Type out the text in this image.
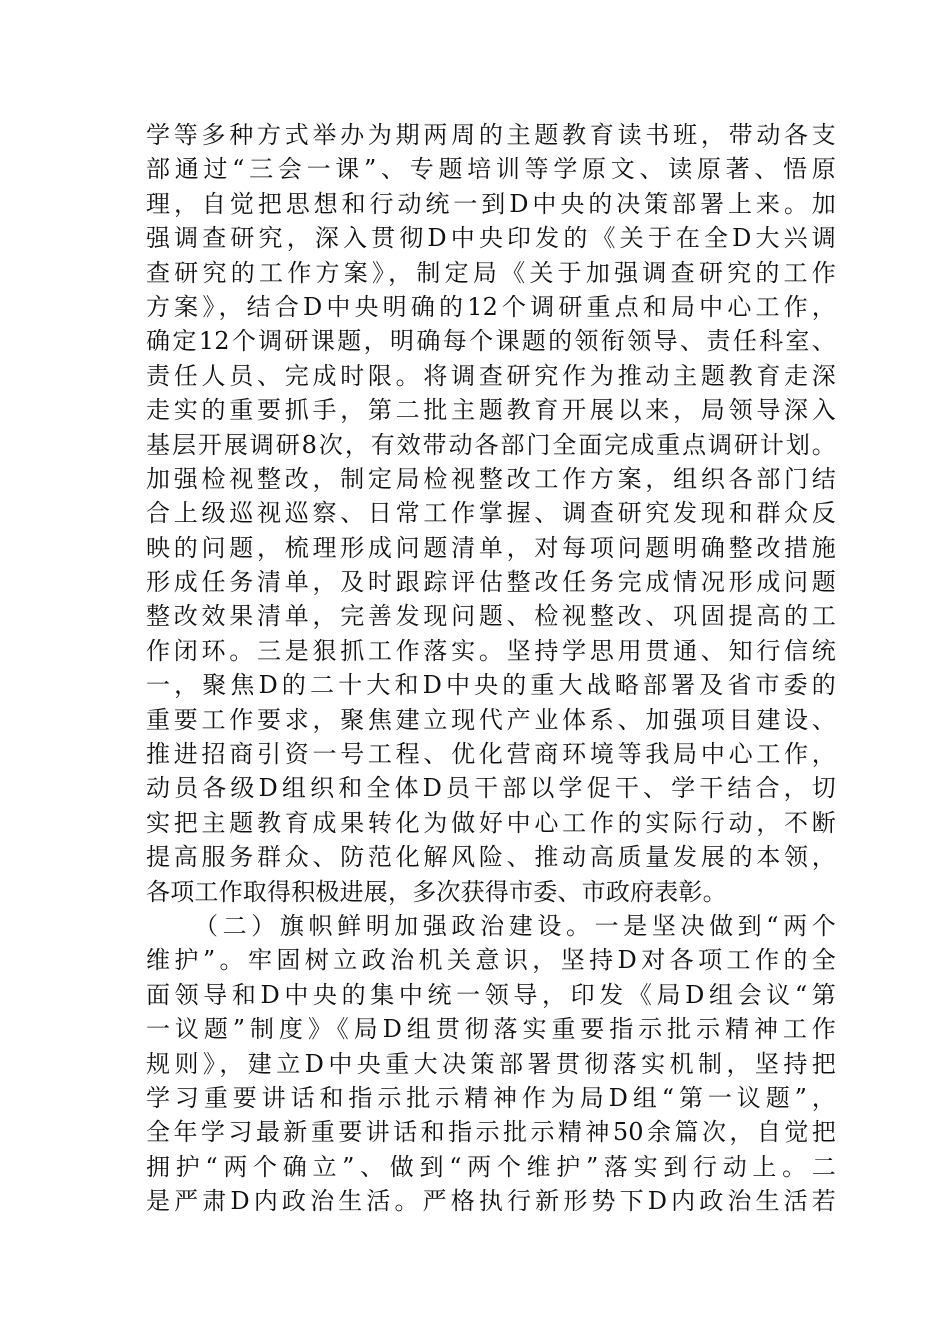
学等多种方式举办为期两周的主题教育读书班，带动各支
部通过“三会一课”、专题培训等学原文、读原著、悟原
理，自觉把思想和行动统一到D中央的决策部署上来。加
强调查研究，深入贯彻D中央印发的《关于在全D大兴调
查研究的工作方案》，制定局《关于加强调查研究的工作
方案》，结合D中央明确的12个调研重点和局中心工作，
确定12个调研课题，明确每个课题的领衔领导、责任科室、
责任人员、完成时限。将调查研究作为推动主题教育走深
走实的重要抓手，第二批主题教育开展以来，局领导深入
基层开展调研8次，有效带动各部门全面完成重点调研计划。
加强检视整改，制定局检视整改工作方案，组织各部门结
合上级巡视巡察、日常工作掌握、调查研究发现和群众反
映的问题，梳理形成问题清单，对每项问题明确整改措施
形成任务清单，及时跟踪评估整改任务完成情况形成问题
整改效果清单，完善发现问题、检视整改、巩固提高的工
作闭环。三是狠抓工作落实。坚持学思用贯通、知行信统
一，聚焦D的二十大和D中央的重大战略部署及省市委的
重要工作要求，聚焦建立现代产业体系、加强项目建设、
推进招商引资一号工程、优化营商环境等我局中心工作，
动员各级D组织和全体D员干部以学促干、学干结合，切
实把主题教育成果转化为做好中心工作的实际行动，不断
提高服务群众、防范化解风险、推动高质量发展的本领，
各项工作取得积极进展，多次获得市委、市政府表彰。
（二）旗帜鲜明加强政治建设。一是坚决做到“两个
维护”。牢固树立政治机关意识，坚持D对各项工作的全
面领导和D中央的集中统一领导，印发《局D组会议“第
一议题”制度》《局D组贯彻落实重要指示批示精神工作
规则》，建立D中央重大决策部署贯彻落实机制，坚持把
学习重要讲话和指示批示精神作为局D组“第一议题”，
全年学习最新重要讲话和指示批示精神50余篇次，自觉把
拥护“两个确立”、做到“两个维护”落实到行动上。二
是严肃D内政治生活。严格执行新形势下D内政治生活若
